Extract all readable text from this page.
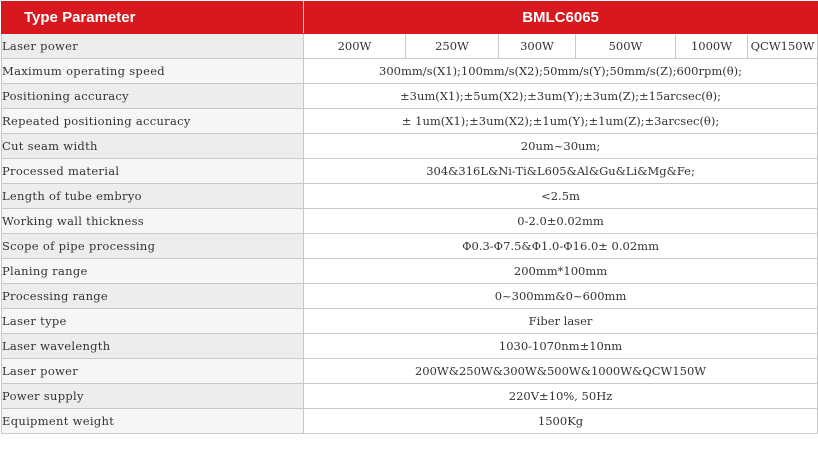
Type Parameter	BMLC6065					
Laser power	200W	250W	300W	500W	1000W	QCW150W
Maximum operating speed	300mm/s(X1);100mm/s(X2);50mm/s(Y);50mm/s(Z);600rpm(θ);					
Positioning accuracy	±3um(X1);±5um(X2);±3um(Y);±3um(Z);±15arcsec(θ);					
Repeated positioning accuracy	± 1um(X1);±3um(X2);±1um(Y);±1um(Z);±3arcsec(θ);					
Cut seam width	20um~30um;					
Processed material	304&316L&Ni-Ti&L605&Al&Gu&Li&Mg&Fe;					
Length of tube embryo	<2.5m					
Working wall thickness	0-2.0±0.02mm					
Scope of pipe processing	Φ0.3-Φ7.5&Φ1.0-Φ16.0± 0.02mm					
Planing range	200mm*100mm					
Processing range	0~300mm&0~600mm					
Laser type	Fiber laser					
Laser wavelength	1030-1070nm±10nm					
Laser power	200W&250W&300W&500W&1000W&QCW150W					
Power supply	220V±10%, 50Hz					
Equipment weight	1500Kg					
